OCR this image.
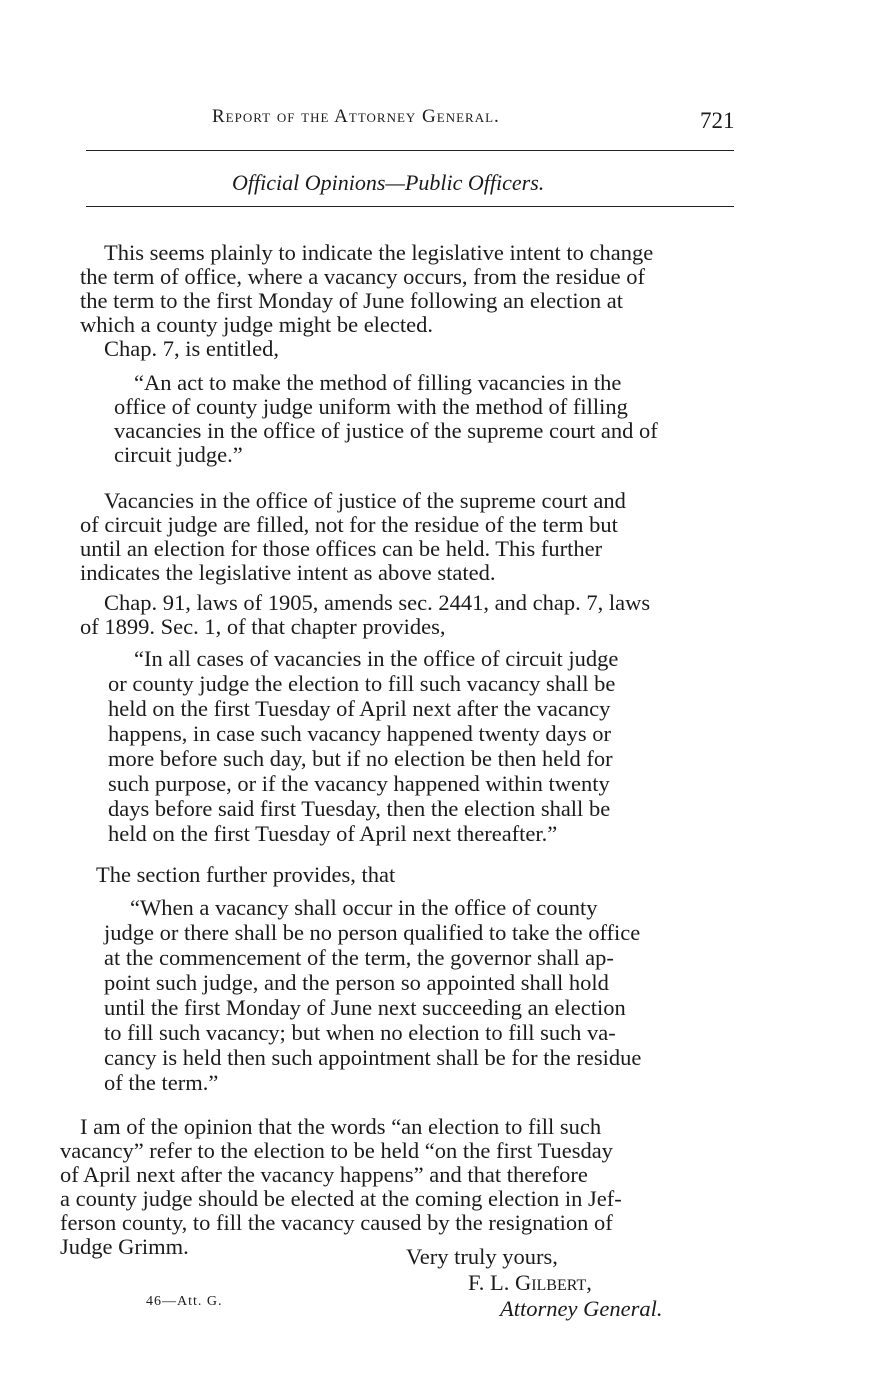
Report of the Attorney General.	721
Official Opinions—Public Officers.
This seems plainly to indicate the legislative intent to change
the term of office, where a vacancy occurs, from the residue of
the term to the first Monday of June following an election at
which a county judge might be elected.
Chap. 7, is entitled,
“An act to make the method of filling vacancies in the
office of county judge uniform with the method of filling
vacancies in the office of justice of the supreme court and of
circuit judge.”
Vacancies in the office of justice of the supreme court and
of circuit judge are filled, not for the residue of the term but
until an election for those offices can be held. This further
indicates the legislative intent as above stated.
Chap. 91, laws of 1905, amends sec. 2441, and chap. 7, laws
of 1899. Sec. 1, of that chapter provides,
“In all cases of vacancies in the office of circuit judge
or county judge the election to fill such vacancy shall be
held on the first Tuesday of April next after the vacancy
happens, in case such vacancy happened twenty days or
more before such day, but if no election be then held for
such purpose, or if the vacancy happened within twenty
days before said first Tuesday, then the election shall be
held on the first Tuesday of April next thereafter.”
The section further provides, that
“When a vacancy shall occur in the office of county
judge or there shall be no person qualified to take the office
at the commencement of the term, the governor shall ap-
point such judge, and the person so appointed shall hold
until the first Monday of June next succeeding an election
to fill such vacancy; but when no election to fill such va-
cancy is held then such appointment shall be for the residue
of the term.”
I am of the opinion that the words “an election to fill such
vacancy” refer to the election to be held “on the first Tuesday
of April next after the vacancy happens” and that therefore
a county judge should be elected at the coming election in Jef-
ferson county, to fill the vacancy caused by the resignation of
Judge Grimm.	Very truly yours,
F. L. Gilbert,
Attorney General.
46—Att. G.
